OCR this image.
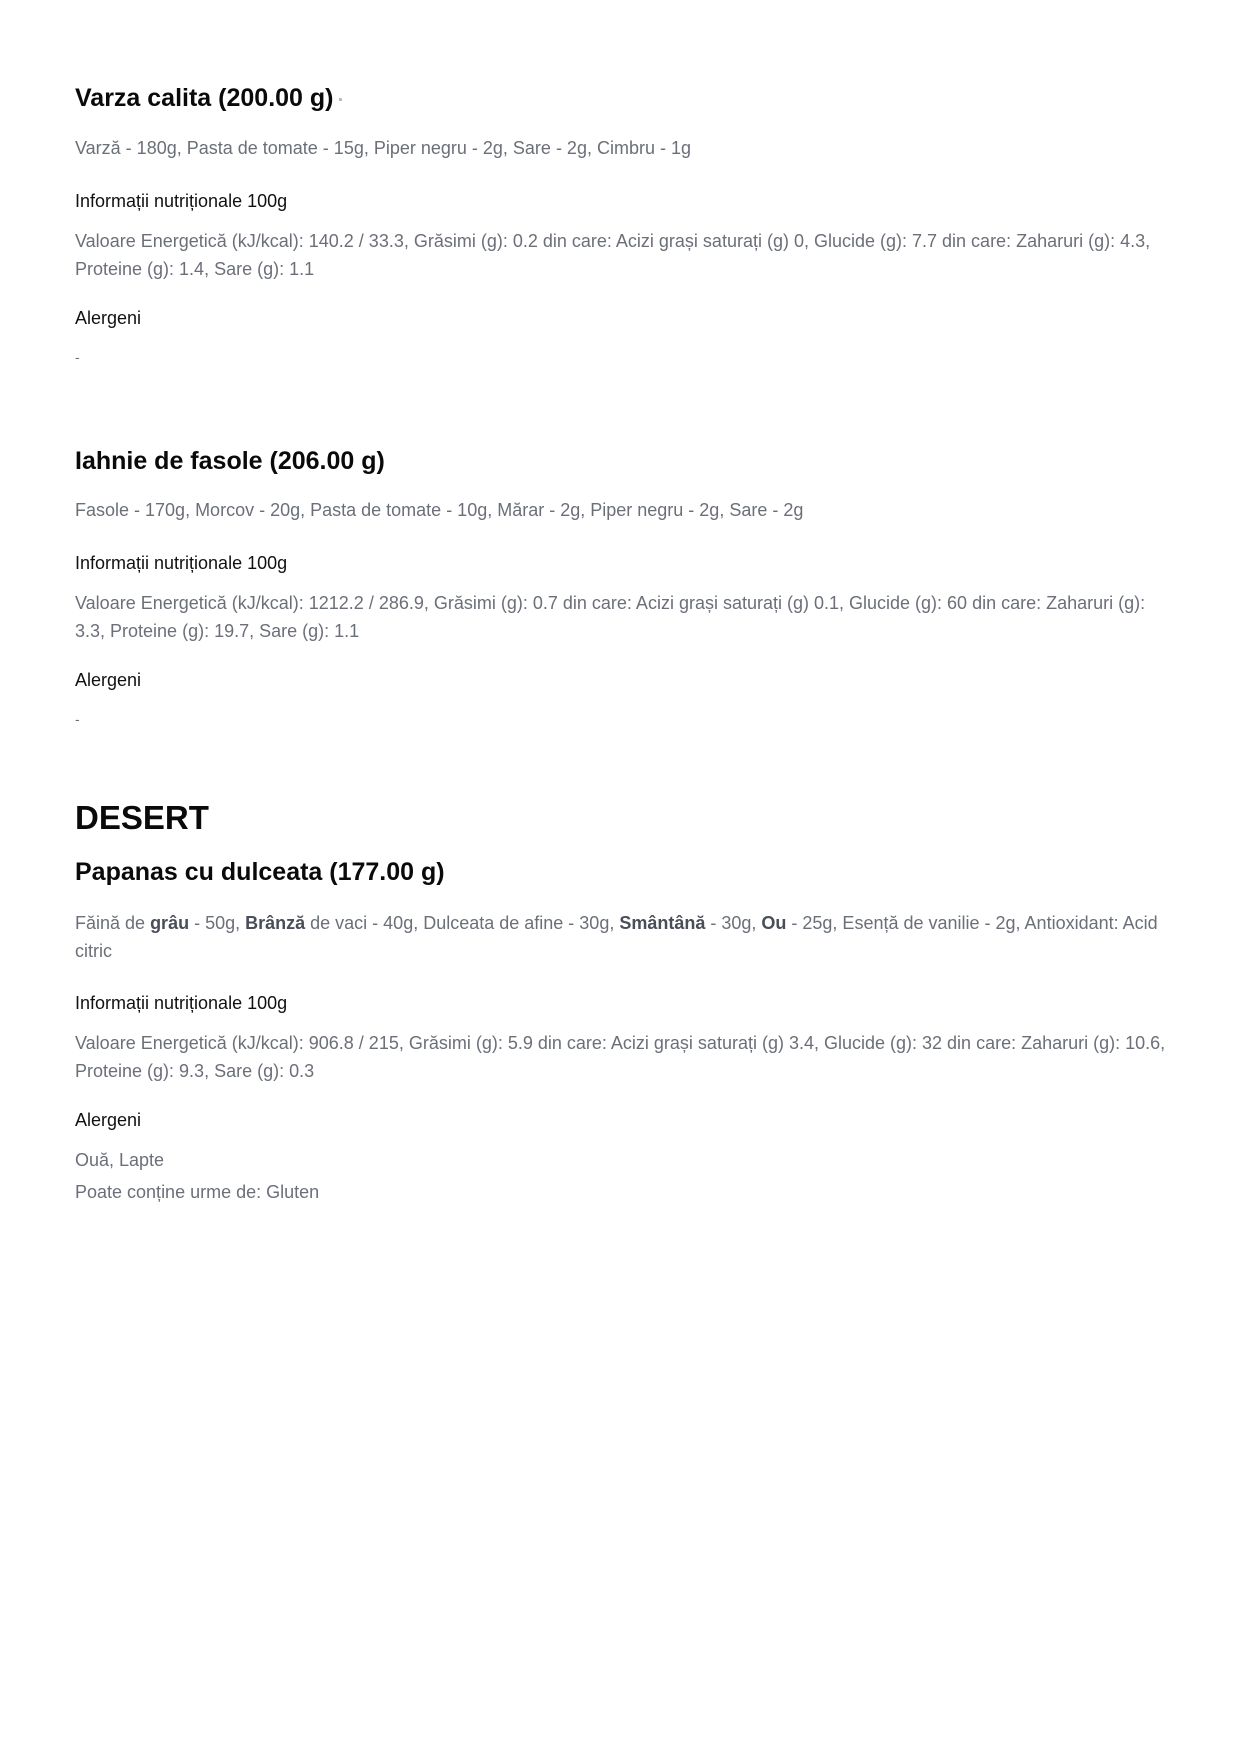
Varza calita (200.00 g)

Varză - 180g, Pasta de tomate - 15g, Piper negru - 2g, Sare - 2g, Cimbru - 1g

Informații nutriționale 100g

Valoare Energetică (kJ/kcal): 140.2 / 33.3, Grăsimi (g): 0.2 din care: Acizi grași saturați (g) 0, Glucide (g): 7.7 din care: Zaharuri (g): 4.3, Proteine (g): 1.4, Sare (g): 1.1

Alergeni

-

Iahnie de fasole (206.00 g)

Fasole - 170g, Morcov - 20g, Pasta de tomate - 10g, Mărar - 2g, Piper negru - 2g, Sare - 2g

Informații nutriționale 100g

Valoare Energetică (kJ/kcal): 1212.2 / 286.9, Grăsimi (g): 0.7 din care: Acizi grași saturați (g) 0.1, Glucide (g): 60 din care: Zaharuri (g): 3.3, Proteine (g): 19.7, Sare (g): 1.1

Alergeni

-

DESERT
Papanas cu dulceata (177.00 g)

Făină de grâu - 50g, Brânză de vaci - 40g, Dulceata de afine - 30g, Smântână - 30g, Ou - 25g, Esență de vanilie - 2g, Antioxidant: Acid citric

Informații nutriționale 100g

Valoare Energetică (kJ/kcal): 906.8 / 215, Grăsimi (g): 5.9 din care: Acizi grași saturați (g) 3.4, Glucide (g): 32 din care: Zaharuri (g): 10.6, Proteine (g): 9.3, Sare (g): 0.3

Alergeni

Ouă, Lapte

Poate conține urme de: Gluten
